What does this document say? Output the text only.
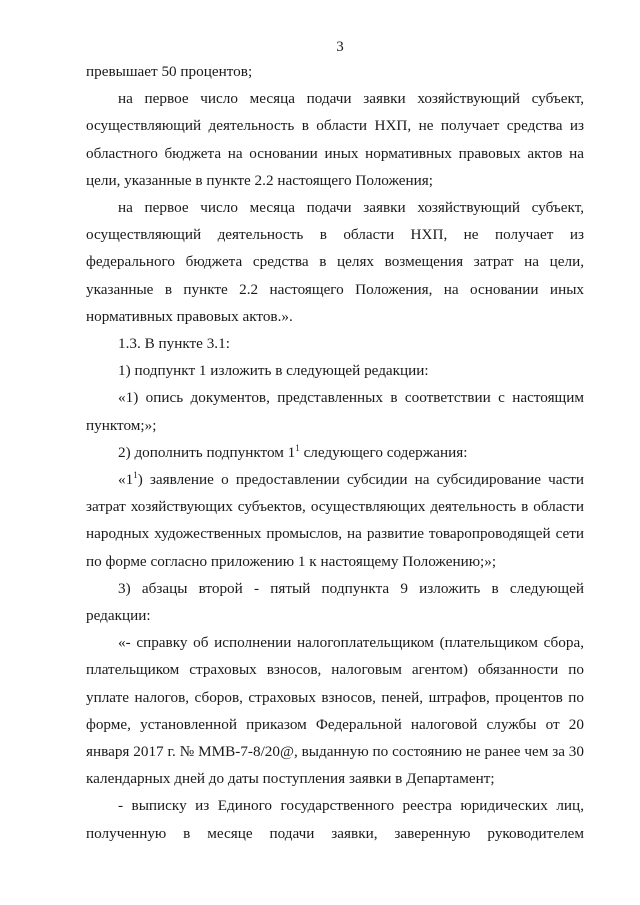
3

превышает 50 процентов;

на первое число месяца подачи заявки хозяйствующий субъект, осуществляющий деятельность в области НХП, не получает средства из областного бюджета на основании иных нормативных правовых актов на цели, указанные в пункте 2.2 настоящего Положения;

на первое число месяца подачи заявки хозяйствующий субъект, осуществляющий деятельность в области НХП, не получает из федерального бюджета средства в целях возмещения затрат на цели, указанные в пункте 2.2 настоящего Положения, на основании иных нормативных правовых актов.».

1.3. В пункте 3.1:

1) подпункт 1 изложить в следующей редакции:

«1) опись документов, представленных в соответствии с настоящим пунктом;»;

2) дополнить подпунктом $1^1$ следующего содержания:

«$1^1$) заявление о предоставлении субсидии на субсидирование части затрат хозяйствующих субъектов, осуществляющих деятельность в области народных художественных промыслов, на развитие товаропроводящей сети по форме согласно приложению 1 к настоящему Положению;»;

3) абзацы второй - пятый подпункта 9 изложить в следующей редакции:

«- справку об исполнении налогоплательщиком (плательщиком сбора, плательщиком страховых взносов, налоговым агентом) обязанности по уплате налогов, сборов, страховых взносов, пеней, штрафов, процентов по форме, установленной приказом Федеральной налоговой службы от 20 января 2017 г. № ММВ-7-8/20@, выданную по состоянию не ранее чем за 30 календарных дней до даты поступления заявки в Департамент;

- выписку из Единого государственного реестра юридических лиц, полученную в месяце подачи заявки, заверенную руководителем
